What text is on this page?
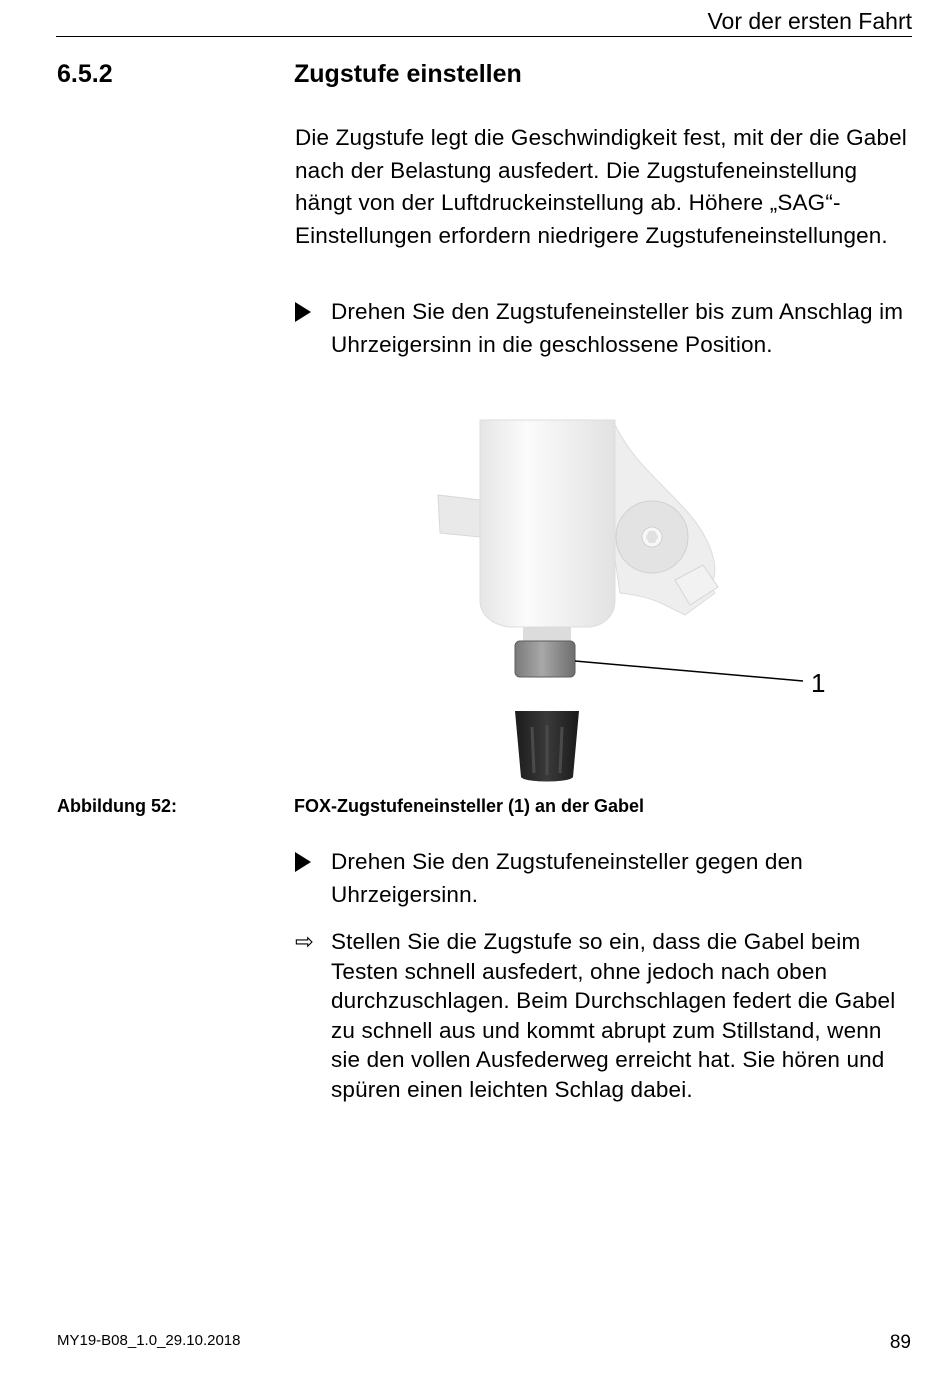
Vor der ersten Fahrt
6.5.2	Zugstufe einstellen

Die Zugstufe legt die Geschwindigkeit fest, mit der die Gabel nach der Belastung ausfedert. Die Zugstufeneinstellung hängt von der Luftdruckeinstellung ab. Höhere „SAG“-Einstellungen erfordern niedrigere Zugstufeneinstellungen.

Drehen Sie den Zugstufeneinsteller bis zum Anschlag im Uhrzeigersinn in die geschlossene Position.
1
Abbildung 52:	FOX-Zugstufeneinsteller (1) an der Gabel
Drehen Sie den Zugstufeneinsteller gegen den Uhrzeigersinn.
⇨ Stellen Sie die Zugstufe so ein, dass die Gabel beim Testen schnell ausfedert, ohne jedoch nach oben durchzuschlagen. Beim Durchschlagen federt die Gabel zu schnell aus und kommt abrupt zum Stillstand, wenn sie den vollen Ausfederweg erreicht hat. Sie hören und spüren einen leichten Schlag dabei.
MY19-B08_1.0_29.10.2018	89
